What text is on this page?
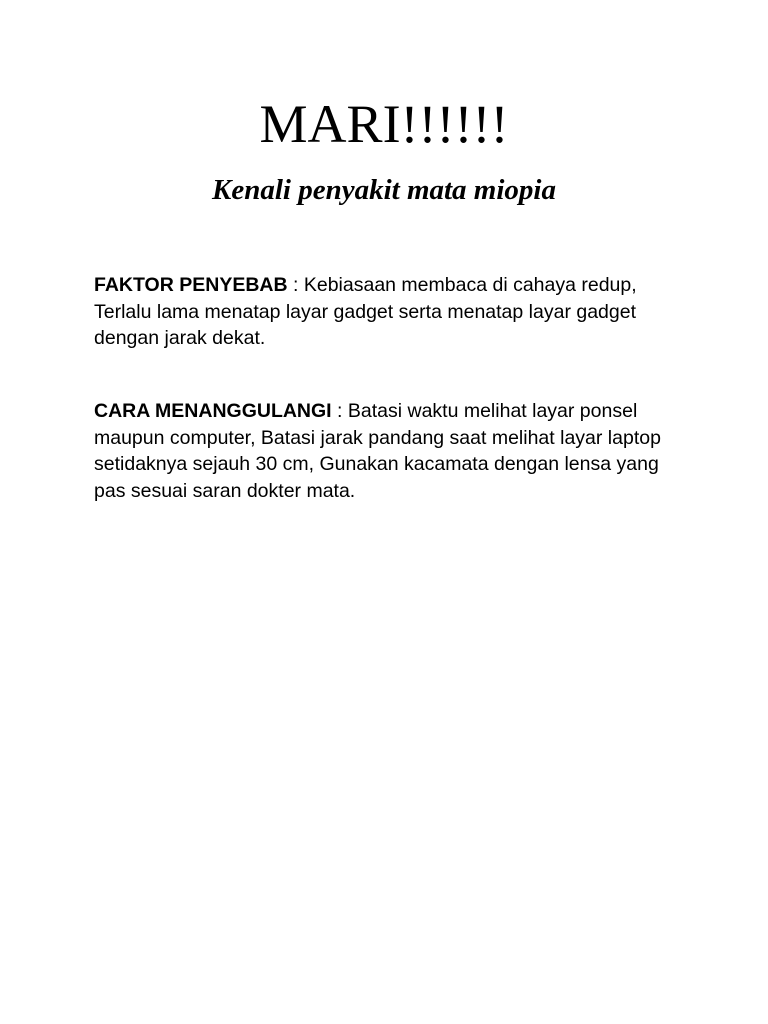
MARI!!!!!!
Kenali penyakit mata miopia

FAKTOR PENYEBAB : Kebiasaan membaca di cahaya redup, Terlalu lama menatap layar gadget serta menatap layar gadget dengan jarak dekat.

CARA MENANGGULANGI : Batasi waktu melihat layar ponsel maupun computer, Batasi jarak pandang saat melihat layar laptop setidaknya sejauh 30 cm, Gunakan kacamata dengan lensa yang pas sesuai saran dokter mata.
